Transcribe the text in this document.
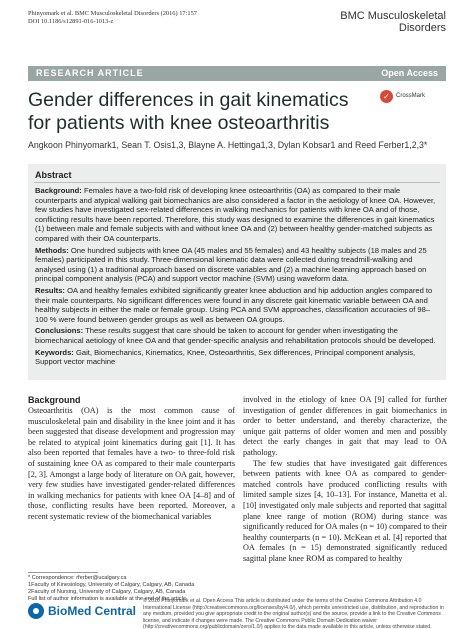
Phinyomark et al. BMC Musculoskeletal Disorders (2016) 17:157
DOI 10.1186/s12891-016-1013-z	BMC Musculoskeletal
Disorders
RESEARCH ARTICLE	Open Access
Gender differences in gait kinematics for patients with knee osteoarthritis
✓	CrossMark
Angkoon Phinyomark1, Sean T. Osis1,3, Blayne A. Hettinga1,3, Dylan Kobsar1 and Reed Ferber1,2,3*
Abstract

Background: Females have a two-fold risk of developing knee osteoarthritis (OA) as compared to their male counterparts and atypical walking gait biomechanics are also considered a factor in the aetiology of knee OA. However, few studies have investigated sex-related differences in walking mechanics for patients with knee OA and of those, conflicting results have been reported. Therefore, this study was designed to examine the differences in gait kinematics (1) between male and female subjects with and without knee OA and (2) between healthy gender-matched subjects as compared with their OA counterparts.

Methods: One hundred subjects with knee OA (45 males and 55 females) and 43 healthy subjects (18 males and 25 females) participated in this study. Three-dimensional kinematic data were collected during treadmill-walking and analysed using (1) a traditional approach based on discrete variables and (2) a machine learning approach based on principal component analysis (PCA) and support vector machine (SVM) using waveform data.

Results: OA and healthy females exhibited significantly greater knee abduction and hip adduction angles compared to their male counterparts. No significant differences were found in any discrete gait kinematic variable between OA and healthy subjects in either the male or female group. Using PCA and SVM approaches, classification accuracies of 98–100 % were found between gender groups as well as between OA groups.

Conclusions: These results suggest that care should be taken to account for gender when investigating the biomechanical aetiology of knee OA and that gender-specific analysis and rehabilitation protocols should be developed.

Keywords: Gait, Biomechanics, Kinematics, Knee, Osteoarthritis, Sex differences, Principal component analysis, Support vector machine

Background
Osteoarthritis (OA) is the most common cause of musculoskeletal pain and disability in the knee joint and it has been suggested that disease development and progression may be related to atypical joint kinematics during gait [1]. It has also been reported that females have a two- to three-fold risk of sustaining knee OA as compared to their male counterparts [2, 3]. Amongst a large body of literature on OA gait, however, very few studies have investigated gender-related differences in walking mechanics for patients with knee OA [4–8] and of those, conflicting results have been reported. Moreover, a recent systematic review of the biomechanical variables

involved in the etiology of knee OA [9] called for further investigation of gender differences in gait biomechanics in order to better understand, and thereby characterize, the unique gait patterns of older women and men and possibly detect the early changes in gait that may lead to OA pathology.

The few studies that have investigated gait differences between patients with knee OA as compared to gender-matched controls have produced conflicting results with limited sample sizes [4, 10–13]. For instance, Manetta et al. [10] investigated only male subjects and reported that sagittal plane knee range of motion (ROM) during stance was significantly reduced for OA males (n = 10) compared to their healthy counterparts (n = 10). McKean et al. [4] reported that OA females (n = 15) demonstrated significantly reduced sagittal plane knee ROM as compared to healthy

* Correspondence: rferber@ucalgary.ca
1Faculty of Kinesiology, University of Calgary, Calgary, AB, Canada
2Faculty of Nursing, University of Calgary, Calgary, AB, Canada
Full list of author information is available at the end of the article
BioMed Central
© 2016 Phinyomark et al. Open Access This article is distributed under the terms of the Creative Commons Attribution 4.0 International License (http://creativecommons.org/licenses/by/4.0/), which permits unrestricted use, distribution, and reproduction in any medium, provided you give appropriate credit to the original author(s) and the source, provide a link to the Creative Commons license, and indicate if changes were made. The Creative Commons Public Domain Dedication waiver (http://creativecommons.org/publicdomain/zero/1.0/) applies to the data made available in this article, unless otherwise stated.
